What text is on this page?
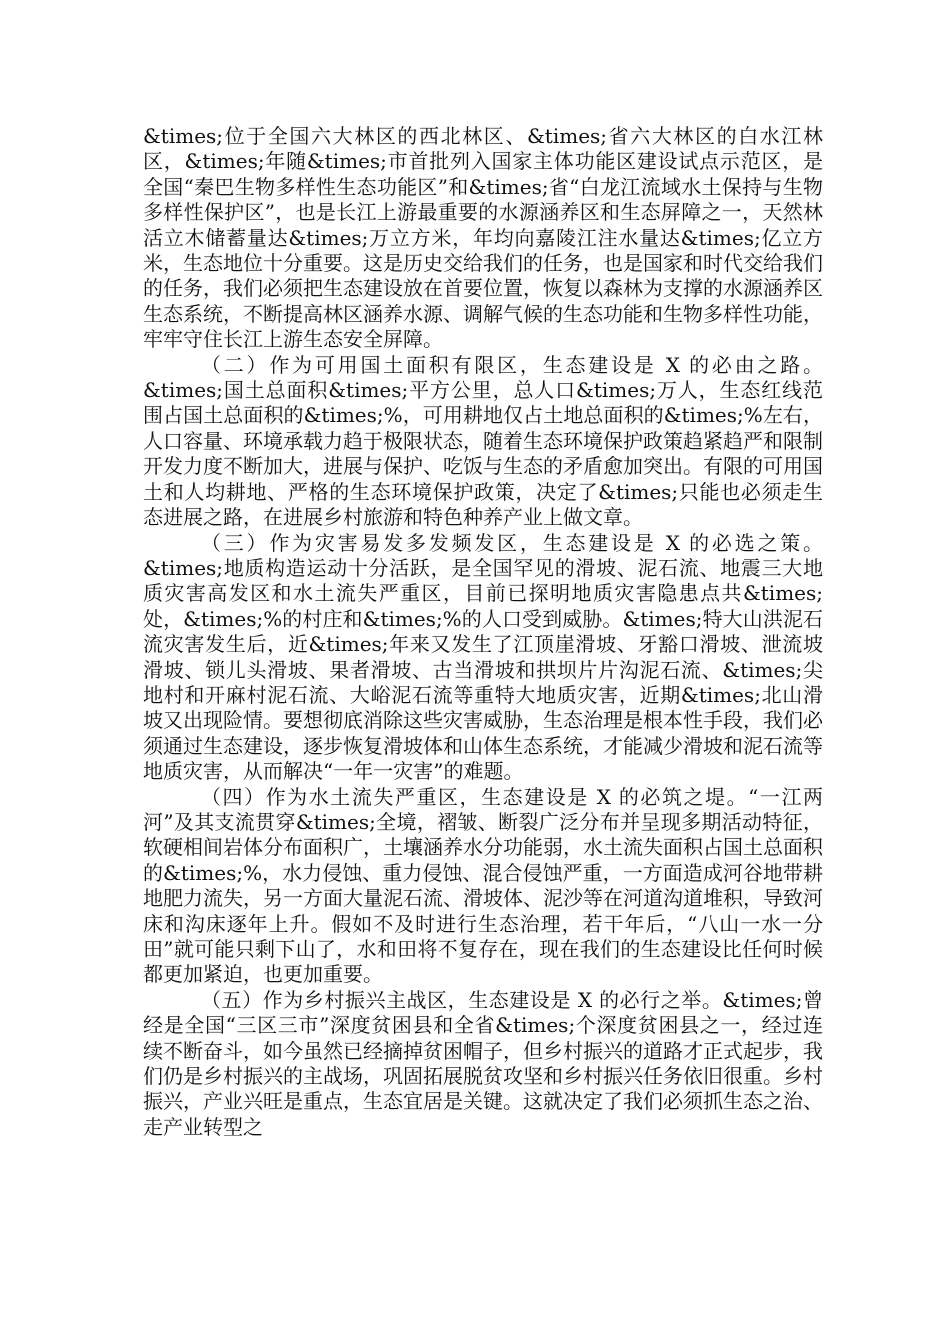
&times;位于全国六大林区的西北林区、&times;省六大林区的白水江林区，&times;年随&times;市首批列入国家主体功能区建设试点示范区，是全国“秦巴生物多样性生态功能区”和&times;省“白龙江流域水土保持与生物多样性保护区”，也是长江上游最重要的水源涵养区和生态屏障之一，天然林活立木储蓄量达&times;万立方米，年均向嘉陵江注水量达&times;亿立方米，生态地位十分重要。这是历史交给我们的任务，也是国家和时代交给我们的任务，我们必须把生态建设放在首要位置，恢复以森林为支撑的水源涵养区生态系统，不断提高林区涵养水源、调解气候的生态功能和生物多样性功能，牢牢守住长江上游生态安全屏障。

（二）作为可用国土面积有限区，生态建设是 X 的必由之路。&times;国土总面积&times;平方公里，总人口&times;万人，生态红线范围占国土总面积的&times;%，可用耕地仅占土地总面积的&times;%左右，人口容量、环境承载力趋于极限状态，随着生态环境保护政策趋紧趋严和限制开发力度不断加大，进展与保护、吃饭与生态的矛盾愈加突出。有限的可用国土和人均耕地、严格的生态环境保护政策，决定了&times;只能也必须走生态进展之路，在进展乡村旅游和特色种养产业上做文章。

（三）作为灾害易发多发频发区，生态建设是 X 的必选之策。&times;地质构造运动十分活跃，是全国罕见的滑坡、泥石流、地震三大地质灾害高发区和水土流失严重区，目前已探明地质灾害隐患点共&times;处，&times;%的村庄和&times;%的人口受到威胁。&times;特大山洪泥石流灾害发生后，近&times;年来又发生了江顶崖滑坡、牙豁口滑坡、泄流坡滑坡、锁儿头滑坡、果者滑坡、古当滑坡和拱坝片片沟泥石流、&times;尖地村和开麻村泥石流、大峪泥石流等重特大地质灾害，近期&times;北山滑坡又出现险情。要想彻底消除这些灾害威胁，生态治理是根本性手段，我们必须通过生态建设，逐步恢复滑坡体和山体生态系统，才能减少滑坡和泥石流等地质灾害，从而解决“一年一灾害”的难题。

（四）作为水土流失严重区，生态建设是 X 的必筑之堤。“一江两河”及其支流贯穿&times;全境，褶皱、断裂广泛分布并呈现多期活动特征，软硬相间岩体分布面积广，土壤涵养水分功能弱，水土流失面积占国土总面积的&times;%，水力侵蚀、重力侵蚀、混合侵蚀严重，一方面造成河谷地带耕地肥力流失，另一方面大量泥石流、滑坡体、泥沙等在河道沟道堆积，导致河床和沟床逐年上升。假如不及时进行生态治理，若干年后，“八山一水一分田”就可能只剩下山了，水和田将不复存在，现在我们的生态建设比任何时候都更加紧迫，也更加重要。

（五）作为乡村振兴主战区，生态建设是 X 的必行之举。&times;曾经是全国“三区三市”深度贫困县和全省&times;个深度贫困县之一，经过连续不断奋斗，如今虽然已经摘掉贫困帽子，但乡村振兴的道路才正式起步，我们仍是乡村振兴的主战场，巩固拓展脱贫攻坚和乡村振兴任务依旧很重。乡村振兴，产业兴旺是重点，生态宜居是关键。这就决定了我们必须抓生态之治、走产业转型之
